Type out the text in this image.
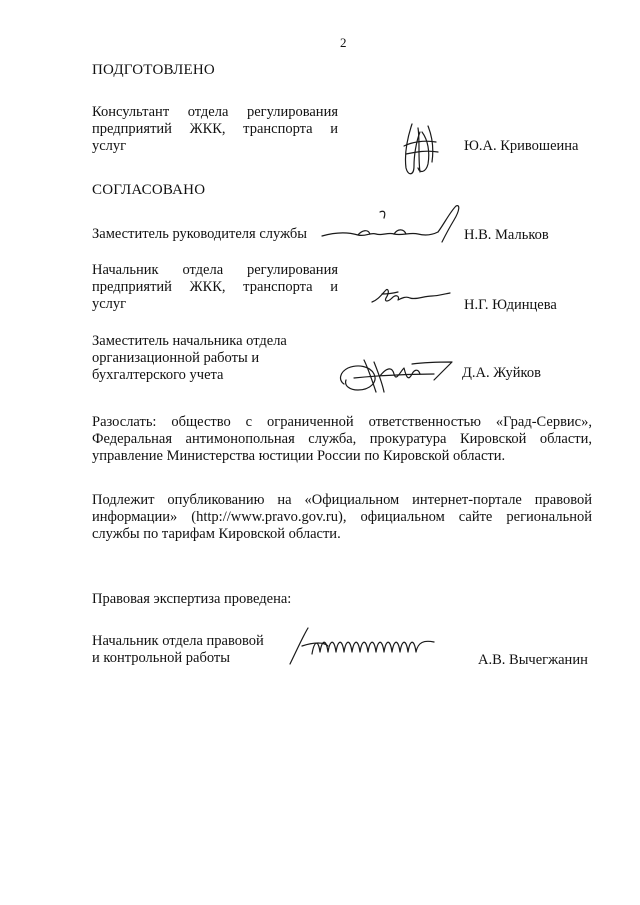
2
ПОДГОТОВЛЕНО
Консультант отдела регулирования
предприятий ЖКК, транспорта и
услуг	Ю.А. Кривошеина
СОГЛАСОВАНО
Заместитель руководителя службы	Н.В. Мальков
Начальник отдела регулирования
предприятий ЖКК, транспорта и
услуг	Н.Г. Юдинцева
Заместитель начальника отдела
организационной работы и
бухгалтерского учета	Д.А. Жуйков
Разослать: общество с ограниченной ответственностью «Град-Сервис»,
Федеральная антимонопольная служба, прокуратура Кировской области,
управление Министерства юстиции России по Кировской области.
Подлежит опубликованию на «Официальном интернет-портале правовой
информации» (http://www.pravo.gov.ru), официальном сайте региональной
службы по тарифам Кировской области.
Правовая экспертиза проведена:
Начальник отдела правовой
и контрольной работы	А.В. Вычегжанин
